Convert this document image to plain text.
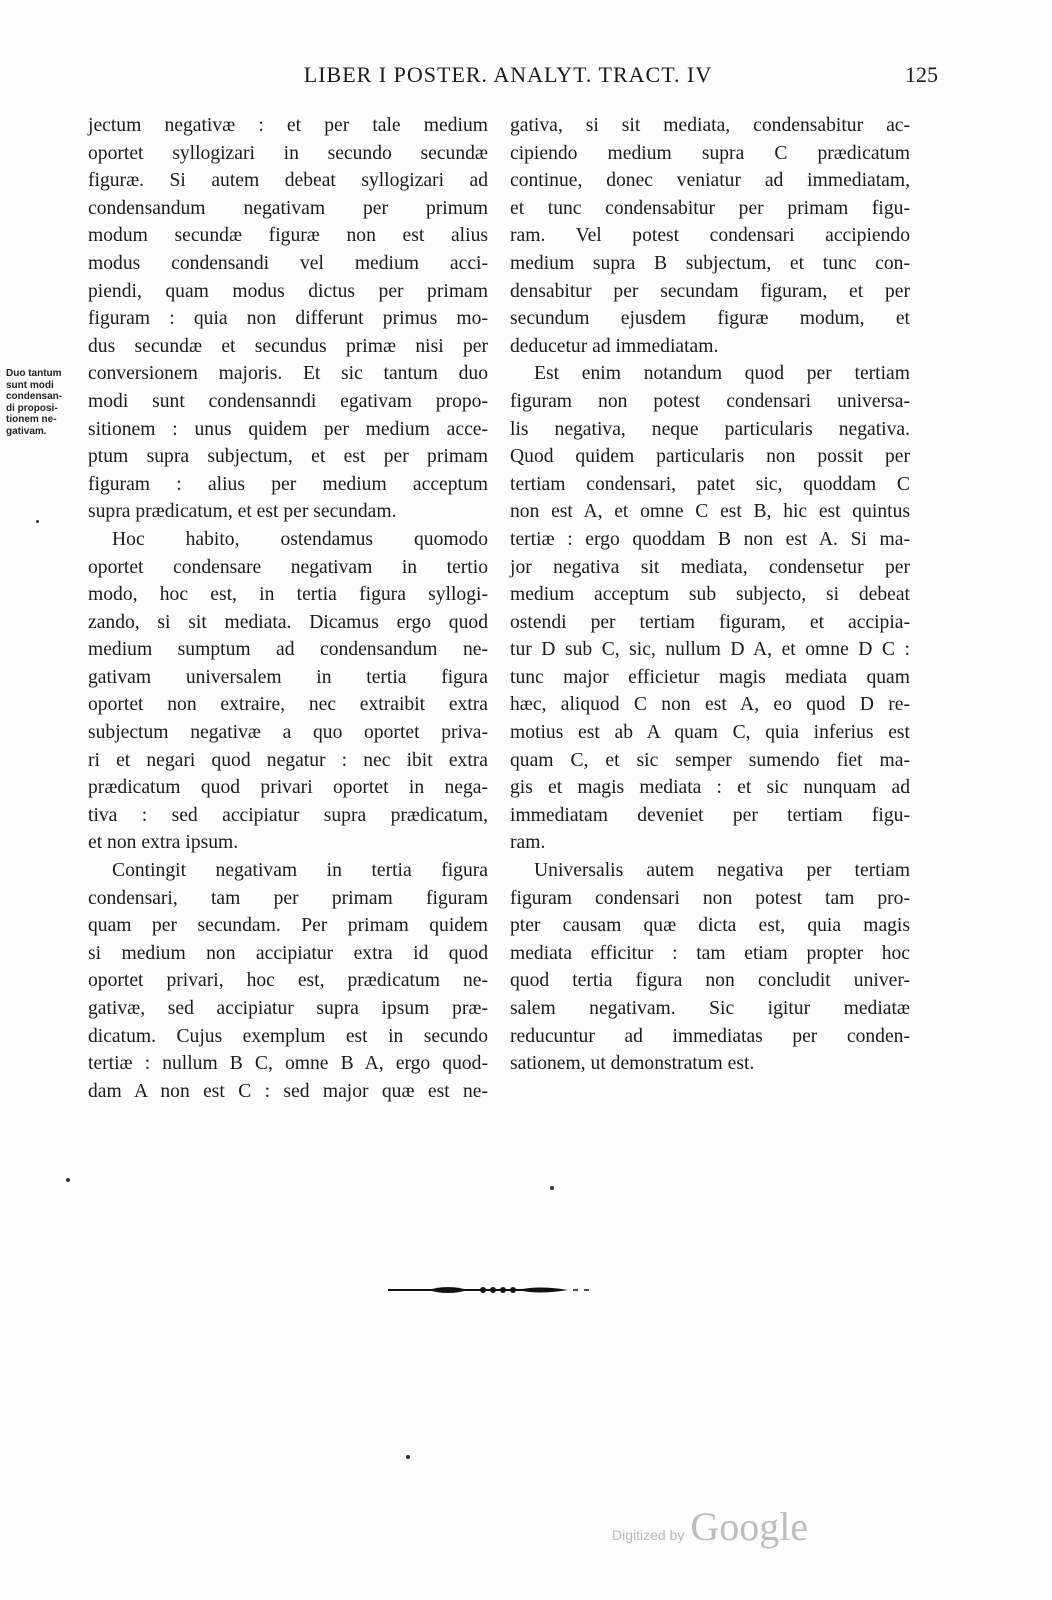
LIBER I POSTER. ANALYT. TRACT. IV	125
Duo tantum
sunt modi
condensan-
di proposi-
tionem ne-
gativam.
jectum negativæ : et per tale medium
oportet syllogizari in secundo secundæ
figuræ. Si autem debeat syllogizari ad
condensandum negativam per primum
modum secundæ figuræ non est alius
modus condensandi vel medium acci-
piendi, quam modus dictus per primam
figuram : quia non differunt primus mo-
dus secundæ et secundus primæ nisi per
conversionem majoris. Et sic tantum duo
modi sunt condensanndi egativam propo-
sitionem : unus quidem per medium acce-
ptum supra subjectum, et est per primam
figuram : alius per medium acceptum
supra prædicatum, et est per secundam.
Hoc habito, ostendamus quomodo
oportet condensare negativam in tertio
modo, hoc est, in tertia figura syllogi-
zando, si sit mediata. Dicamus ergo quod
medium sumptum ad condensandum ne-
gativam universalem in tertia figura
oportet non extraire, nec extraibit extra
subjectum negativæ a quo oportet priva-
ri et negari quod negatur : nec ibit extra
prædicatum quod privari oportet in nega-
tiva : sed accipiatur supra prædicatum,
et non extra ipsum.
Contingit negativam in tertia figura
condensari, tam per primam figuram
quam per secundam. Per primam quidem
si medium non accipiatur extra id quod
oportet privari, hoc est, prædicatum ne-
gativæ, sed accipiatur supra ipsum præ-
dicatum. Cujus exemplum est in secundo
tertiæ : nullum B C, omne B A, ergo quod-
dam A non est C : sed major quæ est ne-
gativa, si sit mediata, condensabitur ac-
cipiendo medium supra C prædicatum
continue, donec veniatur ad immediatam,
et tunc condensabitur per primam figu-
ram. Vel potest condensari accipiendo
medium supra B subjectum, et tunc con-
densabitur per secundam figuram, et per
secundum ejusdem figuræ modum, et
deducetur ad immediatam.
Est enim notandum quod per tertiam
figuram non potest condensari universa-
lis negativa, neque particularis negativa.
Quod quidem particularis non possit per
tertiam condensari, patet sic, quoddam C
non est A, et omne C est B, hic est quintus
tertiæ : ergo quoddam B non est A. Si ma-
jor negativa sit mediata, condensetur per
medium acceptum sub subjecto, si debeat
ostendi per tertiam figuram, et accipia-
tur D sub C, sic, nullum D A, et omne D C :
tunc major efficietur magis mediata quam
hæc, aliquod C non est A, eo quod D re-
motius est ab A quam C, quia inferius est
quam C, et sic semper sumendo fiet ma-
gis et magis mediata : et sic nunquam ad
immediatam deveniet per tertiam figu-
ram.
Universalis autem negativa per tertiam
figuram condensari non potest tam pro-
pter causam quæ dicta est, quia magis
mediata efficitur : tam etiam propter hoc
quod tertia figura non concludit univer-
salem negativam. Sic igitur mediatæ
reducuntur ad immediatas per conden-
sationem, ut demonstratum est.
Digitized by Google
